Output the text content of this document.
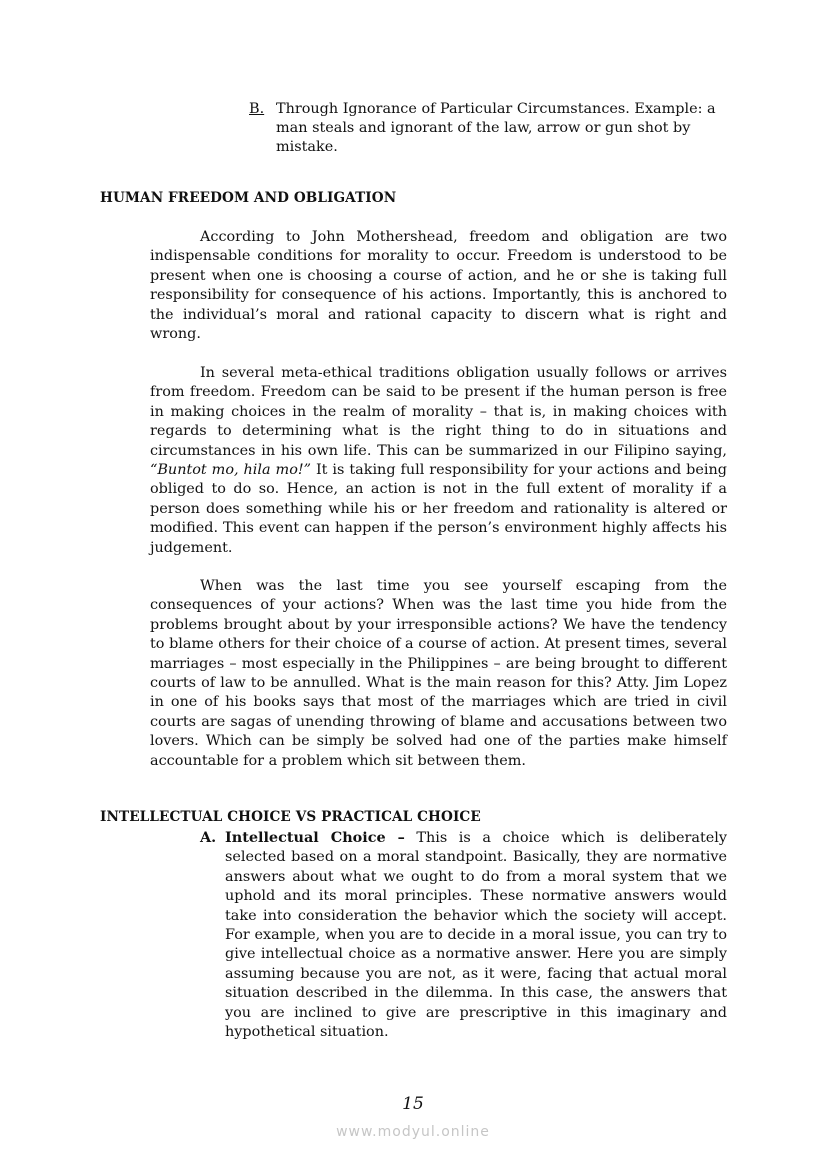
B. Through Ignorance of Particular Circumstances. Example: a man steals and ignorant of the law, arrow or gun shot by mistake.
HUMAN FREEDOM AND OBLIGATION

According to John Mothershead, freedom and obligation are two indispensable conditions for morality to occur. Freedom is understood to be present when one is choosing a course of action, and he or she is taking full responsibility for consequence of his actions. Importantly, this is anchored to the individual’s moral and rational capacity to discern what is right and wrong.

In several meta-ethical traditions obligation usually follows or arrives from freedom. Freedom can be said to be present if the human person is free in making choices in the realm of morality – that is, in making choices with regards to determining what is the right thing to do in situations and circumstances in his own life. This can be summarized in our Filipino saying, “Buntot mo, hila mo!” It is taking full responsibility for your actions and being obliged to do so. Hence, an action is not in the full extent of morality if a person does something while his or her freedom and rationality is altered or modified. This event can happen if the person’s environment highly affects his judgement.

When was the last time you see yourself escaping from the consequences of your actions? When was the last time you hide from the problems brought about by your irresponsible actions? We have the tendency to blame others for their choice of a course of action. At present times, several marriages – most especially in the Philippines – are being brought to different courts of law to be annulled. What is the main reason for this? Atty. Jim Lopez in one of his books says that most of the marriages which are tried in civil courts are sagas of unending throwing of blame and accusations between two lovers. Which can be simply be solved had one of the parties make himself accountable for a problem which sit between them.

INTELLECTUAL CHOICE VS PRACTICAL CHOICE
A. Intellectual Choice – This is a choice which is deliberately selected based on a moral standpoint. Basically, they are normative answers about what we ought to do from a moral system that we uphold and its moral principles. These normative answers would take into consideration the behavior which the society will accept. For example, when you are to decide in a moral issue, you can try to give intellectual choice as a normative answer. Here you are simply assuming because you are not, as it were, facing that actual moral situation described in the dilemma. In this case, the answers that you are inclined to give are prescriptive in this imaginary and hypothetical situation.
15
www.modyul.online
